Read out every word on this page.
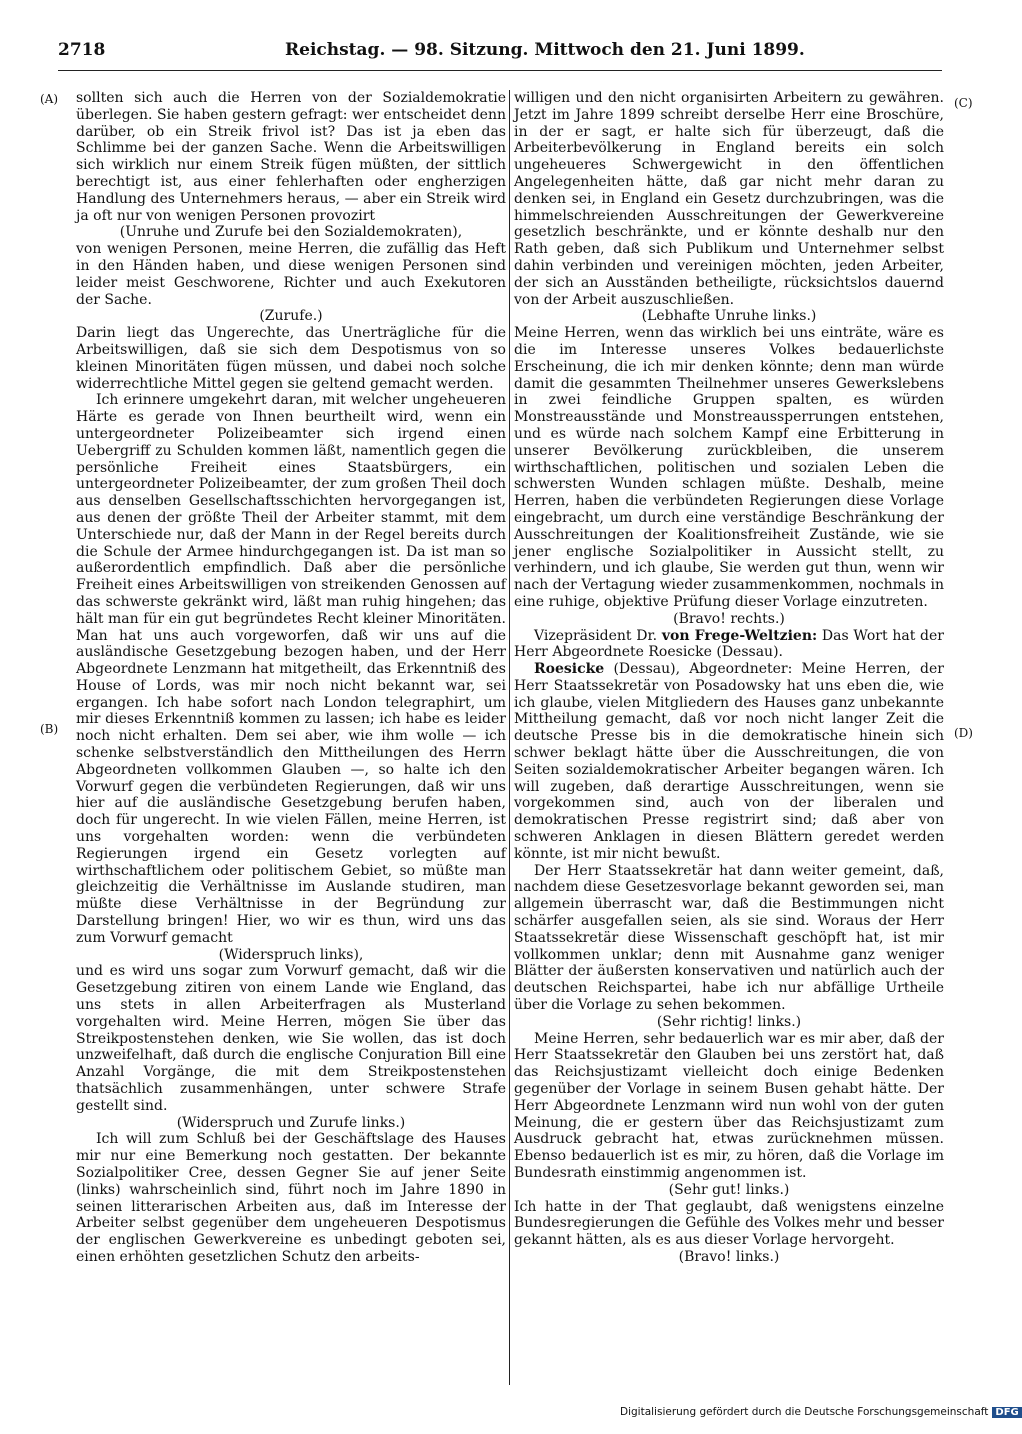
2718	Reichstag. — 98. Sitzung. Mittwoch den 21. Juni 1899.
(A)
(B)
(C)
(D)

sollten sich auch die Herren von der Sozialdemokratie überlegen. Sie haben gestern gefragt: wer entscheidet denn darüber, ob ein Streik frivol ist? Das ist ja eben das Schlimme bei der ganzen Sache. Wenn die Arbeitswilligen sich wirklich nur einem Streik fügen müßten, der sittlich berechtigt ist, aus einer fehlerhaften oder engherzigen Handlung des Unternehmers heraus, — aber ein Streik wird ja oft nur von wenigen Personen provozirt

(Unruhe und Zurufe bei den Sozialdemokraten),

von wenigen Personen, meine Herren, die zufällig das Heft in den Händen haben, und diese wenigen Personen sind leider meist Geschworene, Richter und auch Exekutoren der Sache.

(Zurufe.)

Darin liegt das Ungerechte, das Unerträgliche für die Arbeitswilligen, daß sie sich dem Despotismus von so kleinen Minoritäten fügen müssen, und dabei noch solche widerrechtliche Mittel gegen sie geltend gemacht werden.

Ich erinnere umgekehrt daran, mit welcher ungeheueren Härte es gerade von Ihnen beurtheilt wird, wenn ein untergeordneter Polizeibeamter sich irgend einen Uebergriff zu Schulden kommen läßt, namentlich gegen die persönliche Freiheit eines Staatsbürgers, ein untergeordneter Polizeibeamter, der zum großen Theil doch aus denselben Gesellschaftsschichten hervorgegangen ist, aus denen der größte Theil der Arbeiter stammt, mit dem Unterschiede nur, daß der Mann in der Regel bereits durch die Schule der Armee hindurchgegangen ist. Da ist man so außerordentlich empfindlich. Daß aber die persönliche Freiheit eines Arbeitswilligen von streikenden Genossen auf das schwerste gekränkt wird, läßt man ruhig hingehen; das hält man für ein gut begründetes Recht kleiner Minoritäten. Man hat uns auch vorgeworfen, daß wir uns auf die ausländische Gesetzgebung bezogen haben, und der Herr Abgeordnete Lenzmann hat mitgetheilt, das Erkenntniß des House of Lords, was mir noch nicht bekannt war, sei ergangen. Ich habe sofort nach London telegraphirt, um mir dieses Erkenntniß kommen zu lassen; ich habe es leider noch nicht erhalten. Dem sei aber, wie ihm wolle — ich schenke selbstverständlich den Mittheilungen des Herrn Abgeordneten vollkommen Glauben —, so halte ich den Vorwurf gegen die verbündeten Regierungen, daß wir uns hier auf die ausländische Gesetzgebung berufen haben, doch für ungerecht. In wie vielen Fällen, meine Herren, ist uns vorgehalten worden: wenn die verbündeten Regierungen irgend ein Gesetz vorlegten auf wirthschaftlichem oder politischem Gebiet, so müßte man gleichzeitig die Verhältnisse im Auslande studiren, man müßte diese Verhältnisse in der Begründung zur Darstellung bringen! Hier, wo wir es thun, wird uns das zum Vorwurf gemacht

(Widerspruch links),

und es wird uns sogar zum Vorwurf gemacht, daß wir die Gesetzgebung zitiren von einem Lande wie England, das uns stets in allen Arbeiterfragen als Musterland vorgehalten wird. Meine Herren, mögen Sie über das Streikpostenstehen denken, wie Sie wollen, das ist doch unzweifelhaft, daß durch die englische Conjuration Bill eine Anzahl Vorgänge, die mit dem Streikpostenstehen thatsächlich zusammenhängen, unter schwere Strafe gestellt sind.

(Widerspruch und Zurufe links.)

Ich will zum Schluß bei der Geschäftslage des Hauses mir nur eine Bemerkung noch gestatten. Der bekannte Sozialpolitiker Cree, dessen Gegner Sie auf jener Seite (links) wahrscheinlich sind, führt noch im Jahre 1890 in seinen litterarischen Arbeiten aus, daß im Interesse der Arbeiter selbst gegenüber dem ungeheueren Despotismus der englischen Gewerkvereine es unbedingt geboten sei, einen erhöhten gesetzlichen Schutz den arbeits-

willigen und den nicht organisirten Arbeitern zu gewähren. Jetzt im Jahre 1899 schreibt derselbe Herr eine Broschüre, in der er sagt, er halte sich für überzeugt, daß die Arbeiterbevölkerung in England bereits ein solch ungeheueres Schwergewicht in den öffentlichen Angelegenheiten hätte, daß gar nicht mehr daran zu denken sei, in England ein Gesetz durchzubringen, was die himmelschreienden Ausschreitungen der Gewerkvereine gesetzlich beschränkte, und er könnte deshalb nur den Rath geben, daß sich Publikum und Unternehmer selbst dahin verbinden und vereinigen möchten, jeden Arbeiter, der sich an Ausständen betheiligte, rücksichtslos dauernd von der Arbeit auszuschließen.

(Lebhafte Unruhe links.)

Meine Herren, wenn das wirklich bei uns einträte, wäre es die im Interesse unseres Volkes bedauerlichste Erscheinung, die ich mir denken könnte; denn man würde damit die gesammten Theilnehmer unseres Gewerkslebens in zwei feindliche Gruppen spalten, es würden Monstreausstände und Monstreaussperrungen entstehen, und es würde nach solchem Kampf eine Erbitterung in unserer Bevölkerung zurückbleiben, die unserem wirthschaftlichen, politischen und sozialen Leben die schwersten Wunden schlagen müßte. Deshalb, meine Herren, haben die verbündeten Regierungen diese Vorlage eingebracht, um durch eine verständige Beschränkung der Ausschreitungen der Koalitionsfreiheit Zustände, wie sie jener englische Sozialpolitiker in Aussicht stellt, zu verhindern, und ich glaube, Sie werden gut thun, wenn wir nach der Vertagung wieder zusammenkommen, nochmals in eine ruhige, objektive Prüfung dieser Vorlage einzutreten.

(Bravo! rechts.)

Vizepräsident Dr. von Frege-Weltzien: Das Wort hat der Herr Abgeordnete Roesicke (Dessau).

Roesicke (Dessau), Abgeordneter: Meine Herren, der Herr Staatssekretär von Posadowsky hat uns eben die, wie ich glaube, vielen Mitgliedern des Hauses ganz unbekannte Mittheilung gemacht, daß vor noch nicht langer Zeit die deutsche Presse bis in die demokratische hinein sich schwer beklagt hätte über die Ausschreitungen, die von Seiten sozialdemokratischer Arbeiter begangen wären. Ich will zugeben, daß derartige Ausschreitungen, wenn sie vorgekommen sind, auch von der liberalen und demokratischen Presse registrirt sind; daß aber von schweren Anklagen in diesen Blättern geredet werden könnte, ist mir nicht bewußt.

Der Herr Staatssekretär hat dann weiter gemeint, daß, nachdem diese Gesetzesvorlage bekannt geworden sei, man allgemein überrascht war, daß die Bestimmungen nicht schärfer ausgefallen seien, als sie sind. Woraus der Herr Staatssekretär diese Wissenschaft geschöpft hat, ist mir vollkommen unklar; denn mit Ausnahme ganz weniger Blätter der äußersten konservativen und natürlich auch der deutschen Reichspartei, habe ich nur abfällige Urtheile über die Vorlage zu sehen bekommen.

(Sehr richtig! links.)

Meine Herren, sehr bedauerlich war es mir aber, daß der Herr Staatssekretär den Glauben bei uns zerstört hat, daß das Reichsjustizamt vielleicht doch einige Bedenken gegenüber der Vorlage in seinem Busen gehabt hätte. Der Herr Abgeordnete Lenzmann wird nun wohl von der guten Meinung, die er gestern über das Reichsjustizamt zum Ausdruck gebracht hat, etwas zurücknehmen müssen. Ebenso bedauerlich ist es mir, zu hören, daß die Vorlage im Bundesrath einstimmig angenommen ist.

(Sehr gut! links.)

Ich hatte in der That geglaubt, daß wenigstens einzelne Bundesregierungen die Gefühle des Volkes mehr und besser gekannt hätten, als es aus dieser Vorlage hervorgeht.

(Bravo! links.)

Digitalisierung gefördert durch die Deutsche Forschungsgemeinschaft DFG
